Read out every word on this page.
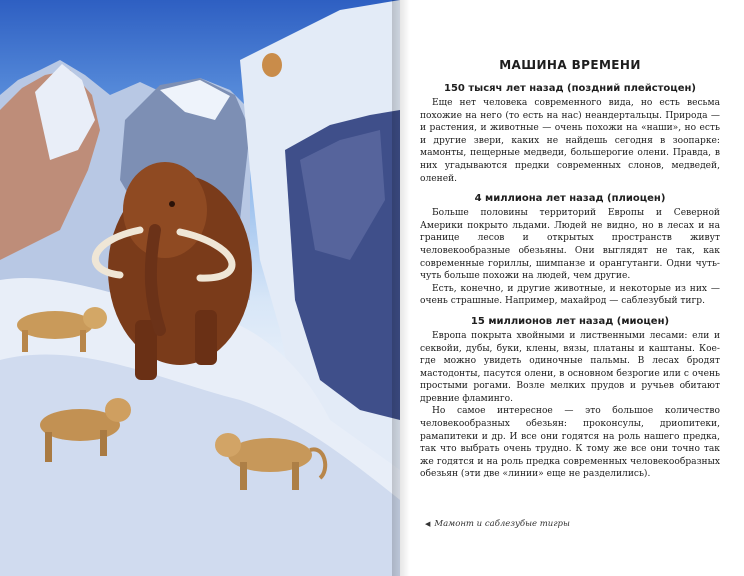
МАШИНА ВРЕМЕНИ
150 тысяч лет назад (поздний плейстоцен)

Еще нет человека современного вида, но есть весьма похожие на него (то есть на нас) неандертальцы. Природа — и растения, и животные — очень похожи на «наши», но есть и другие звери, каких не найдешь сегодня в зоопарке: мамонты, пещерные медведи, большерогие олени. Правда, в них угадываются предки современных слонов, медведей, оленей.

4 миллиона лет назад (плиоцен)

Больше половины территорий Европы и Северной Америки покрыто льдами. Людей не видно, но в лесах и на границе лесов и открытых пространств живут человекообразные обезьяны. Они выглядят не так, как современные гориллы, шимпанзе и орангутанги. Одни чуть-чуть больше похожи на людей, чем другие.

Есть, конечно, и другие животные, и некоторые из них — очень страшные. Например, махайрод — саблезубый тигр.

15 миллионов лет назад (миоцен)

Европа покрыта хвойными и лиственными лесами: ели и секвойи, дубы, буки, клены, вязы, платаны и каштаны. Кое-где можно увидеть одиночные пальмы. В лесах бродят мастодонты, пасутся олени, в основном безрогие или с очень простыми рогами. Возле мелких прудов и ручьев обитают древние фламинго.

Но самое интересное — это большое количество человекообразных обезьян: проконсулы, дриопитеки, рамапитеки и др. И все они годятся на роль нашего предка, так что выбрать очень трудно. К тому же все они точно так же годятся и на роль предка современных человекообразных обезьян (эти две «линии» еще не разделились).

◀ Мамонт и саблезубые тигры
